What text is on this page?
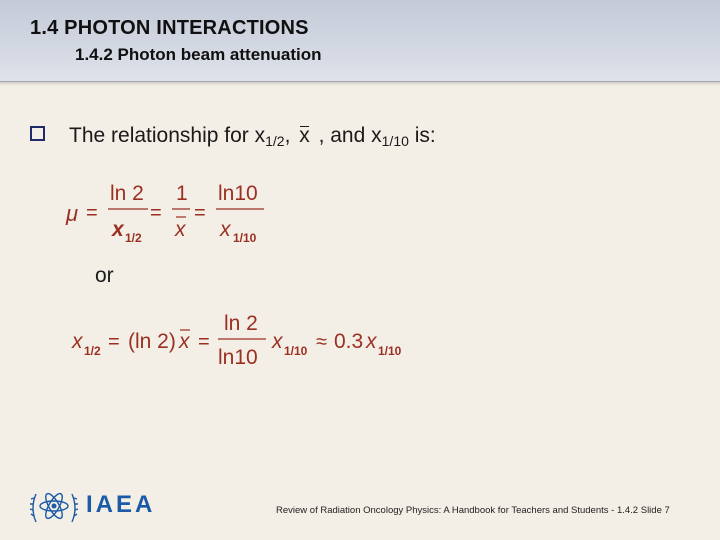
1.4 PHOTON INTERACTIONS
1.4.2 Photon beam attenuation
The relationship for $x_{1/2}$, x , and $x_{1/10}$ is:
μ =
ln 2
x 1/2
=
1
x
=
ln10
x 1/10
or
x 1/2 = (ln 2) x =
ln 2
ln10
x 1/10 ≈ 0.3 x 1/10
IAEA	Review of Radiation Oncology Physics: A Handbook for Teachers and Students - 1.4.2 Slide 7
